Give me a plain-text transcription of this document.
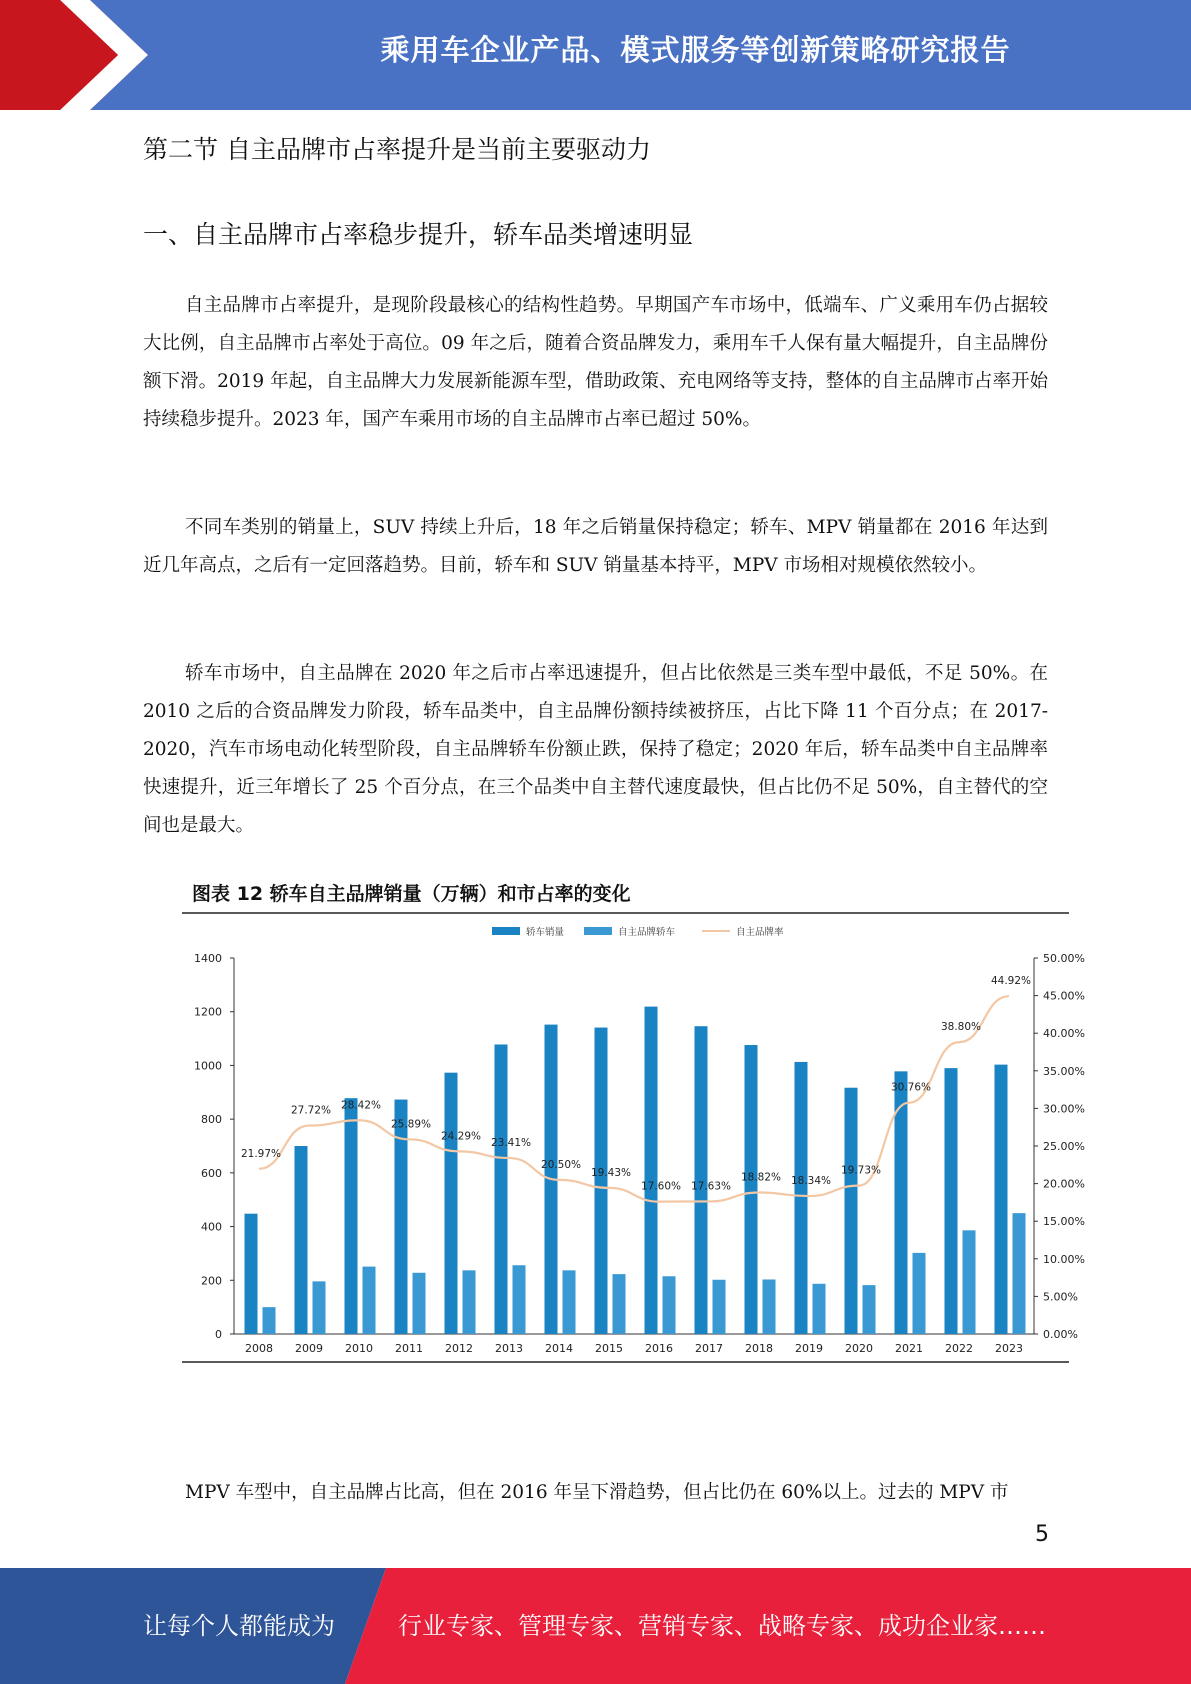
乘用车企业产品、模式服务等创新策略研究报告
第二节 自主品牌市占率提升是当前主要驱动力
一、自主品牌市占率稳步提升，轿车品类增速明显

自主品牌市占率提升，是现阶段最核心的结构性趋势。早期国产车市场中，低端车、广义乘用车仍占据较大比例，自主品牌市占率处于高位。09 年之后，随着合资品牌发力，乘用车千人保有量大幅提升，自主品牌份额下滑。2019 年起，自主品牌大力发展新能源车型，借助政策、充电网络等支持，整体的自主品牌市占率开始持续稳步提升。2023 年，国产车乘用市场的自主品牌市占率已超过 50%。

不同车类别的销量上，SUV 持续上升后，18 年之后销量保持稳定；轿车、MPV 销量都在 2016 年达到近几年高点，之后有一定回落趋势。目前，轿车和 SUV 销量基本持平，MPV 市场相对规模依然较小。

轿车市场中，自主品牌在 2020 年之后市占率迅速提升，但占比依然是三类车型中最低，不足 50%。在 2010 之后的合资品牌发力阶段，轿车品类中，自主品牌份额持续被挤压，占比下降 11 个百分点；在 2017-2020，汽车市场电动化转型阶段，自主品牌轿车份额止跌，保持了稳定；2020 年后，轿车品类中自主品牌率快速提升，近三年增长了 25 个百分点，在三个品类中自主替代速度最快，但占比仍不足 50%，自主替代的空间也是最大。

图表 12 轿车自主品牌销量（万辆）和市占率的变化
0
200
400
600
800
1000
1200
1400
0.00%
5.00%
10.00%
15.00%
20.00%
25.00%
30.00%
35.00%
40.00%
45.00%
50.00%
2008 2009 2010 2011 2012 2013 2014 2015 2016 2017 2018 2019 2020 2021 2022 2023
21.97%
27.72% 28.42%
25.89%
24.29%
23.41%
20.50%
19.43%
17.60% 17.63%
18.82% 18.34%
19.73%
30.76%
38.80%
44.92%
轿车销量	自主品牌轿车	自主品牌率

MPV 车型中，自主品牌占比高，但在 2016 年呈下滑趋势，但占比仍在 60%以上。过去的 MPV 市

5
让每个人都能成为	行业专家、管理专家、营销专家、战略专家、成功企业家……
